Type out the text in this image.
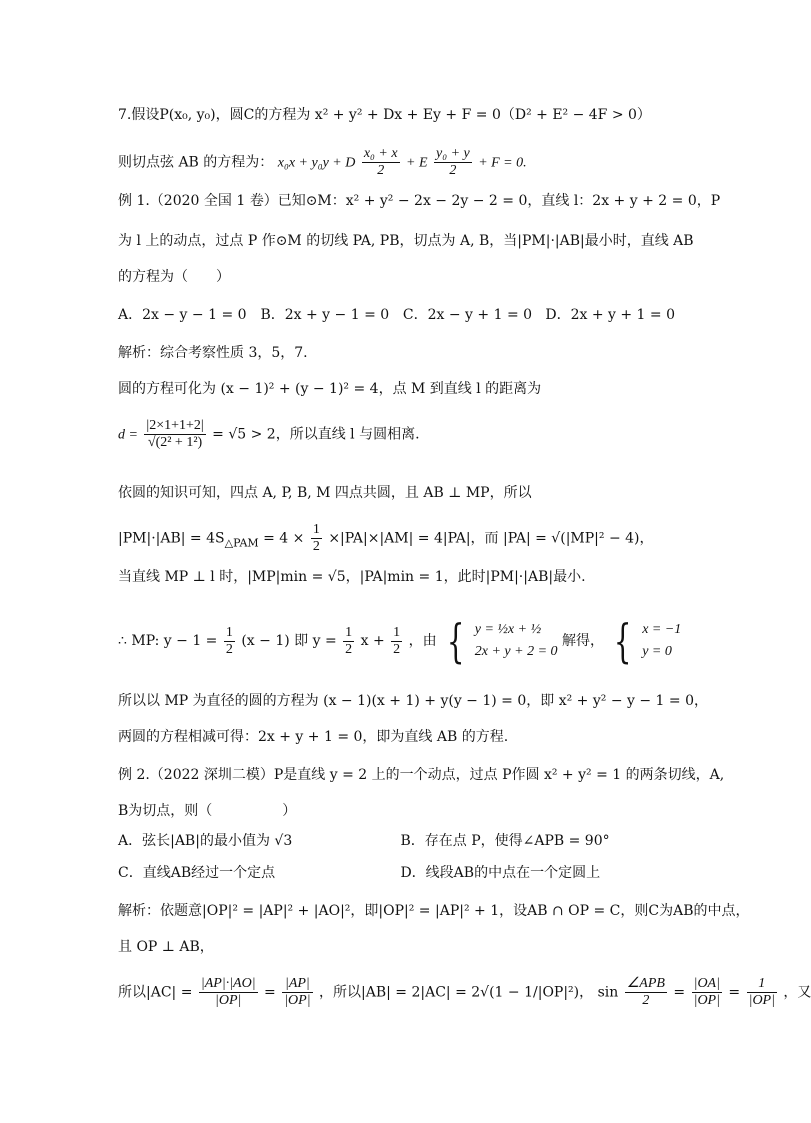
7.假设P(x₀, y₀)，圆C的方程为 x² + y² + Dx + Ey + F = 0（D² + E² − 4F > 0）
则切点弦 AB 的方程为： x₀x + y₀y + D $\frac{\text{x₀ + x}}{2} + E \frac{\text{y₀ + y}}{2} + F = 0$.
例 1.（2020 全国 1 卷）已知⊙M：x² + y² − 2x − 2y − 2 = 0，直线 l：2x + y + 2 = 0，P
为 l 上的动点，过点 P 作⊙M 的切线 PA, PB，切点为 A, B，当|PM|·|AB|最小时，直线 AB
的方程为（　　）
A．2x − y − 1 = 0 B．2x + y − 1 = 0 C．2x − y + 1 = 0 D．2x + y + 1 = 0
解析：综合考察性质 3，5，7.
圆的方程可化为 (x − 1)² + (y − 1)² = 4，点 M 到直线 l 的距离为
$d = \frac{|2\times 1+1+2|}{\text{√(2² + 1²)}} = √5 > 2$，所以直线 l 与圆相离.
依圆的知识可知，四点 A, P, B, M 四点共圆，且 AB ⊥ MP，所以
$|PM|\cdot|AB| = 4S_{\triangle PAM} = 4 \times \frac{1}{2} \times|PA|\times|AM| = 4|PA|$，而 |PA| = √(|MP|² − 4)，
当直线 MP ⊥ l 时，|MP|min = √5，|PA|min = 1，此时|PM|·|AB|最小.
∴ MP: $y - 1 = \frac{1}{2} (x - 1)$ 即 $y = \frac{1}{2}$ $x + \frac{1}{2}$ ，由 { y = ½x + ½
2x + y + 2 = 0
解得， { x = −1
y = 0
所以以 MP 为直径的圆的方程为 (x − 1)(x + 1) + y(y − 1) = 0，即 x² + y² − y − 1 = 0，
两圆的方程相减可得：2x + y + 1 = 0，即为直线 AB 的方程.
例 2.（2022 深圳二模）P是直线 y = 2 上的一个动点，过点 P作圆 x² + y² = 1 的两条切线，A,
B为切点，则（　　　　　）
A．弦长|AB|的最小值为 √3	B．存在点 P，使得∠APB = 90°
C．直线AB经过一个定点	D．线段AB的中点在一个定圆上
解析：依题意|OP|² = |AP|² + |AO|²，即|OP|² = |AP|² + 1，设AB ∩ OP = C，则C为AB的中点，
且 OP ⊥ AB，
所以$|AC| = \frac{|AP|\cdot|AO|}{|OP|} = \frac{|AP|}{|OP|}$ ，所以|AB| = 2|AC| = 2√(1 − 1/|OP|²)， $\sin \frac{\text{∠APB}}{2} = \frac{|OA|}{|OP|} = \frac{1}{|OP|}$ ，又
